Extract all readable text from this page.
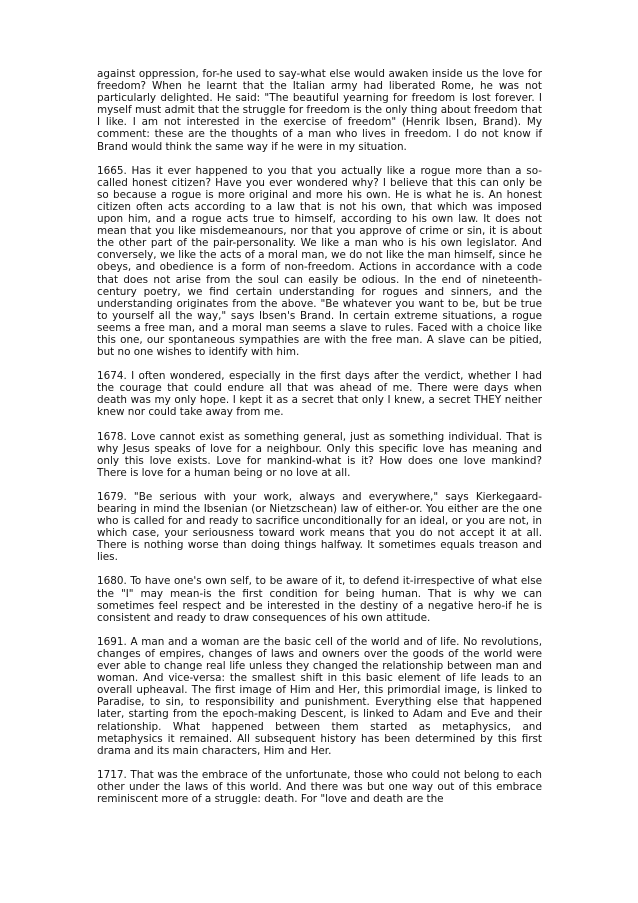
against oppression, for-he used to say-what else would awaken inside us the love for freedom? When he learnt that the Italian army had liberated Rome, he was not particularly delighted. He said: "The beautiful yearning for freedom is lost forever. I myself must admit that the struggle for freedom is the only thing about freedom that I like. I am not interested in the exercise of freedom" (Henrik Ibsen, Brand). My comment: these are the thoughts of a man who lives in freedom. I do not know if Brand would think the same way if he were in my situation.

1665. Has it ever happened to you that you actually like a rogue more than a so-called honest citizen? Have you ever wondered why? I believe that this can only be so because a rogue is more original and more his own. He is what he is. An honest citizen often acts according to a law that is not his own, that which was imposed upon him, and a rogue acts true to himself, according to his own law. It does not mean that you like misdemeanours, nor that you approve of crime or sin, it is about the other part of the pair-personality. We like a man who is his own legislator. And conversely, we like the acts of a moral man, we do not like the man himself, since he obeys, and obedience is a form of non-freedom. Actions in accordance with a code that does not arise from the soul can easily be odious. In the end of nineteenth-century poetry, we find certain understanding for rogues and sinners, and the understanding originates from the above. "Be whatever you want to be, but be true to yourself all the way," says Ibsen's Brand. In certain extreme situations, a rogue seems a free man, and a moral man seems a slave to rules. Faced with a choice like this one, our spontaneous sympathies are with the free man. A slave can be pitied, but no one wishes to identify with him.

1674. I often wondered, especially in the first days after the verdict, whether I had the courage that could endure all that was ahead of me. There were days when death was my only hope. I kept it as a secret that only I knew, a secret THEY neither knew nor could take away from me.

1678. Love cannot exist as something general, just as something individual. That is why Jesus speaks of love for a neighbour. Only this specific love has meaning and only this love exists. Love for mankind-what is it? How does one love mankind? There is love for a human being or no love at all.

1679. "Be serious with your work, always and everywhere," says Kierkegaard-bearing in mind the Ibsenian (or Nietzschean) law of either-or. You either are the one who is called for and ready to sacrifice unconditionally for an ideal, or you are not, in which case, your seriousness toward work means that you do not accept it at all. There is nothing worse than doing things halfway. It sometimes equals treason and lies.

1680. To have one's own self, to be aware of it, to defend it-irrespective of what else the "I" may mean-is the first condition for being human. That is why we can sometimes feel respect and be interested in the destiny of a negative hero-if he is consistent and ready to draw consequences of his own attitude.

1691. A man and a woman are the basic cell of the world and of life. No revolutions, changes of empires, changes of laws and owners over the goods of the world were ever able to change real life unless they changed the relationship between man and woman. And vice-versa: the smallest shift in this basic element of life leads to an overall upheaval. The first image of Him and Her, this primordial image, is linked to Paradise, to sin, to responsibility and punishment. Everything else that happened later, starting from the epoch-making Descent, is linked to Adam and Eve and their relationship. What happened between them started as metaphysics, and metaphysics it remained. All subsequent history has been determined by this first drama and its main characters, Him and Her.

1717. That was the embrace of the unfortunate, those who could not belong to each other under the laws of this world. And there was but one way out of this embrace reminiscent more of a struggle: death. For "love and death are the
